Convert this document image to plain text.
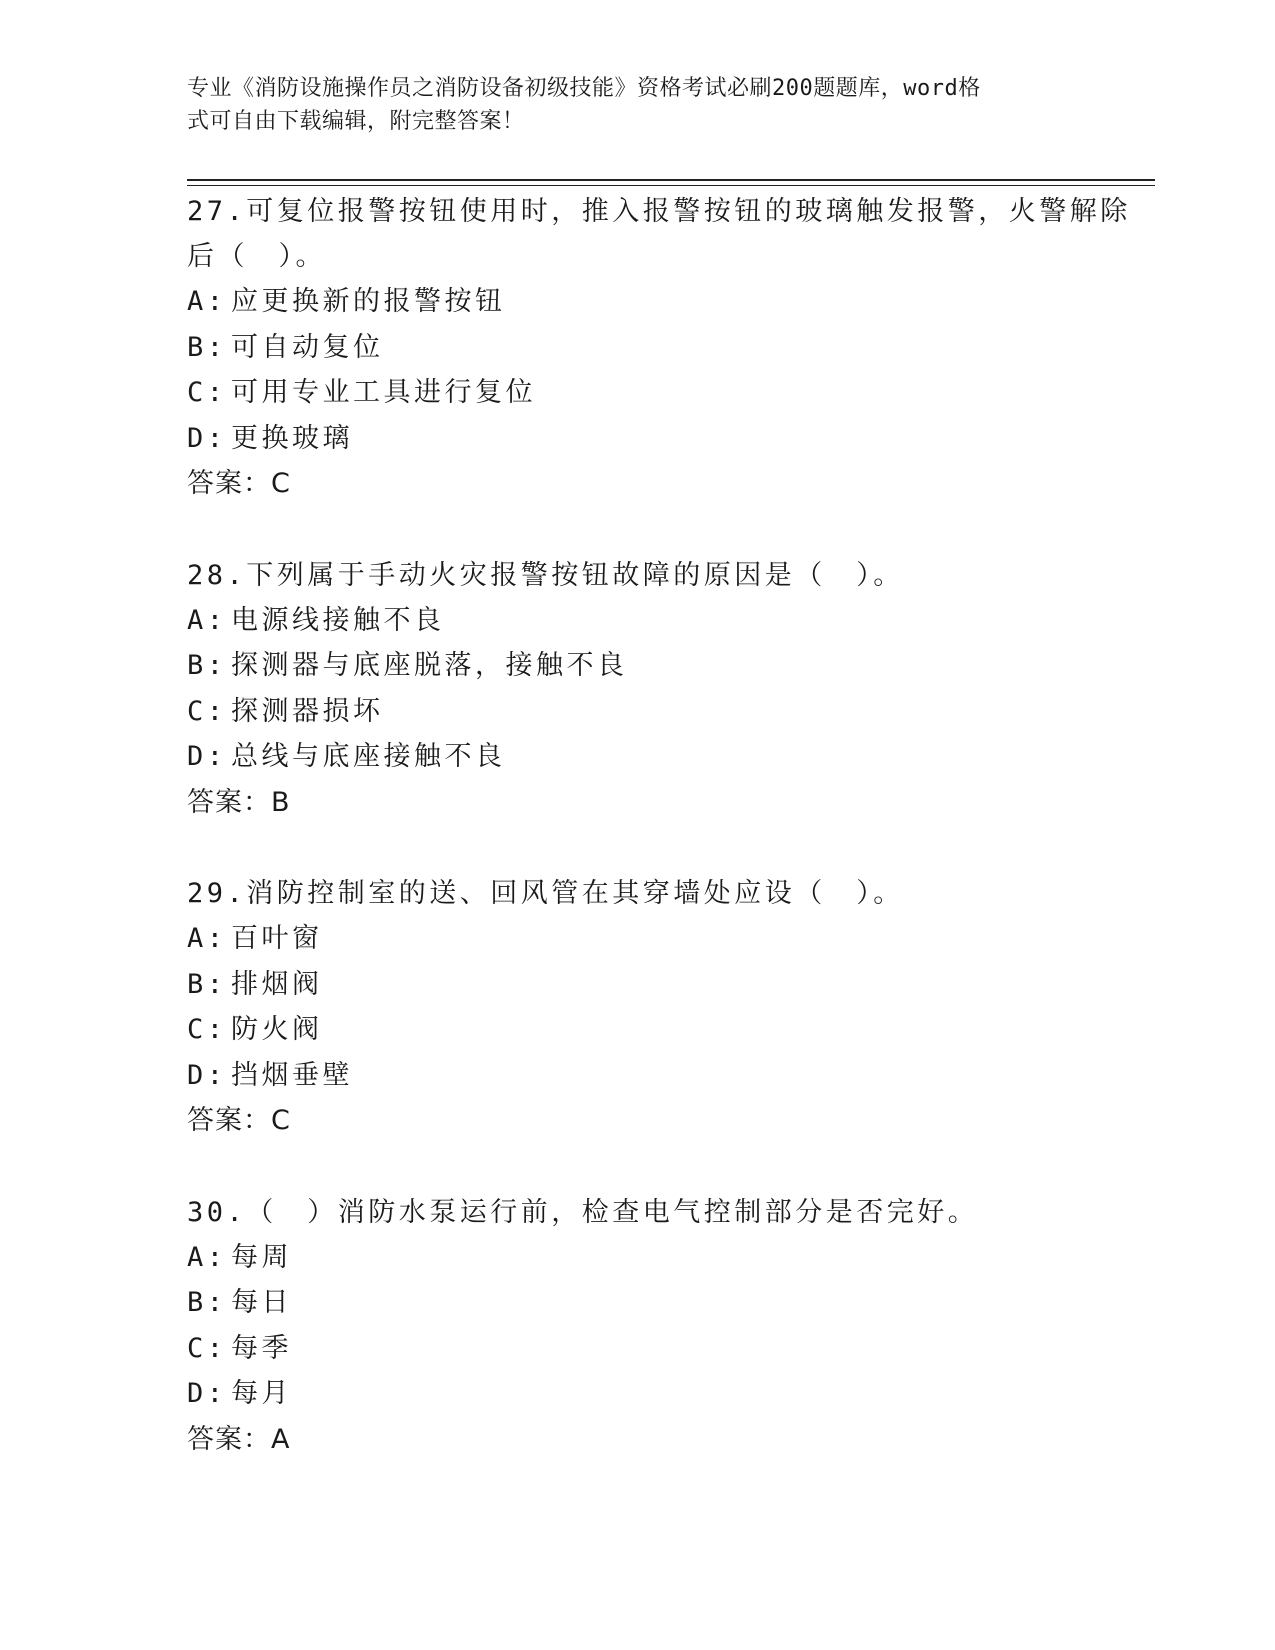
专业《消防设施操作员之消防设备初级技能》资格考试必刷200题题库，word格
式可自由下载编辑，附完整答案！
27.可复位报警按钮使用时，推入报警按钮的玻璃触发报警，火警解除
后（　）。
A: 应更换新的报警按钮
B: 可自动复位
C: 可用专业工具进行复位
D: 更换玻璃
答案：C
28.下列属于手动火灾报警按钮故障的原因是（　）。
A: 电源线接触不良
B: 探测器与底座脱落，接触不良
C: 探测器损坏
D: 总线与底座接触不良
答案：B
29.消防控制室的送、回风管在其穿墙处应设（　）。
A: 百叶窗
B: 排烟阀
C: 防火阀
D: 挡烟垂壁
答案：C
30.（　）消防水泵运行前，检查电气控制部分是否完好。
A: 每周
B: 每日
C: 每季
D: 每月
答案：A
